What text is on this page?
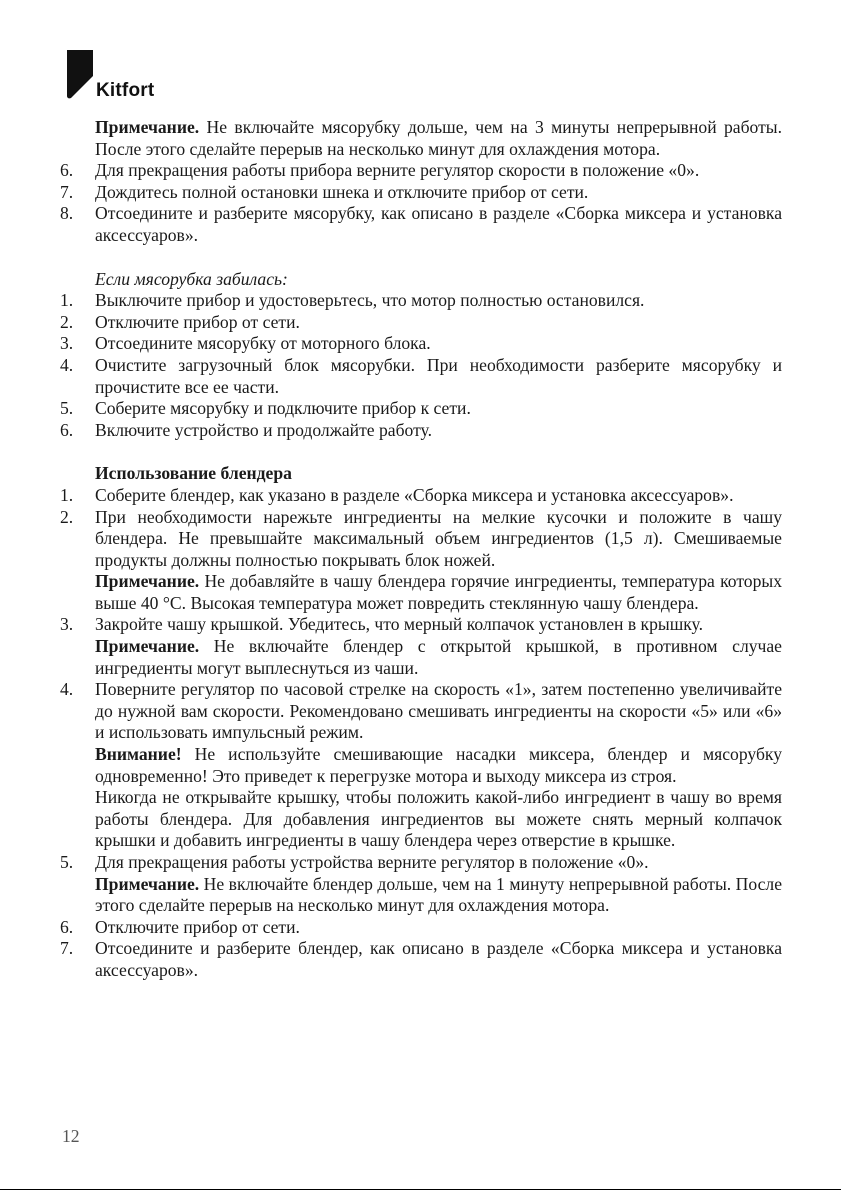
Kitfort

Примечание. Не включайте мясорубку дольше, чем на 3 минуты непрерывной работы. После этого сделайте перерыв на несколько минут для охлаждения мотора.

6.	Для прекращения работы прибора верните регулятор скорости в положение «0».
7.	Дождитесь полной остановки шнека и отключите прибор от сети.
8.	Отсоедините и разберите мясорубку, как описано в разделе «Сборка миксера и установка аксессуаров».

Если мясорубка забилась:

1.	Выключите прибор и удостоверьтесь, что мотор полностью остановился.
2.	Отключите прибор от сети.
3.	Отсоедините мясорубку от моторного блока.
4.	Очистите загрузочный блок мясорубки. При необходимости разберите мясорубку и прочистите все ее части.
5.	Соберите мясорубку и подключите прибор к сети.
6.	Включите устройство и продолжайте работу.

Использование блендера

1.	Соберите блендер, как указано в разделе «Сборка миксера и установка аксессуаров».
2.	При необходимости нарежьте ингредиенты на мелкие кусочки и положите в чашу блендера. Не превышайте максимальный объем ингредиентов (1,5 л). Смешиваемые продукты должны полностью покрывать блок ножей.
Примечание. Не добавляйте в чашу блендера горячие ингредиенты, температура которых выше 40 °С. Высокая температура может повредить стеклянную чашу блендера.
3.	Закройте чашу крышкой. Убедитесь, что мерный колпачок установлен в крышку.
Примечание. Не включайте блендер с открытой крышкой, в противном случае ингредиенты могут выплеснуться из чаши.
4.	Поверните регулятор по часовой стрелке на скорость «1», затем постепенно увеличивайте до нужной вам скорости. Рекомендовано смешивать ингредиенты на скорости «5» или «6» и использовать импульсный режим.
Внимание! Не используйте смешивающие насадки миксера, блендер и мясорубку одновременно! Это приведет к перегрузке мотора и выходу миксера из строя.
Никогда не открывайте крышку, чтобы положить какой-либо ингредиент в чашу во время работы блендера. Для добавления ингредиентов вы можете снять мерный колпачок крышки и добавить ингредиенты в чашу блендера через отверстие в крышке.
5.	Для прекращения работы устройства верните регулятор в положение «0».
Примечание. Не включайте блендер дольше, чем на 1 минуту непрерывной работы. После этого сделайте перерыв на несколько минут для охлаждения мотора.
6.	Отключите прибор от сети.
7.	Отсоедините и разберите блендер, как описано в разделе «Сборка миксера и установка аксессуаров».
12
